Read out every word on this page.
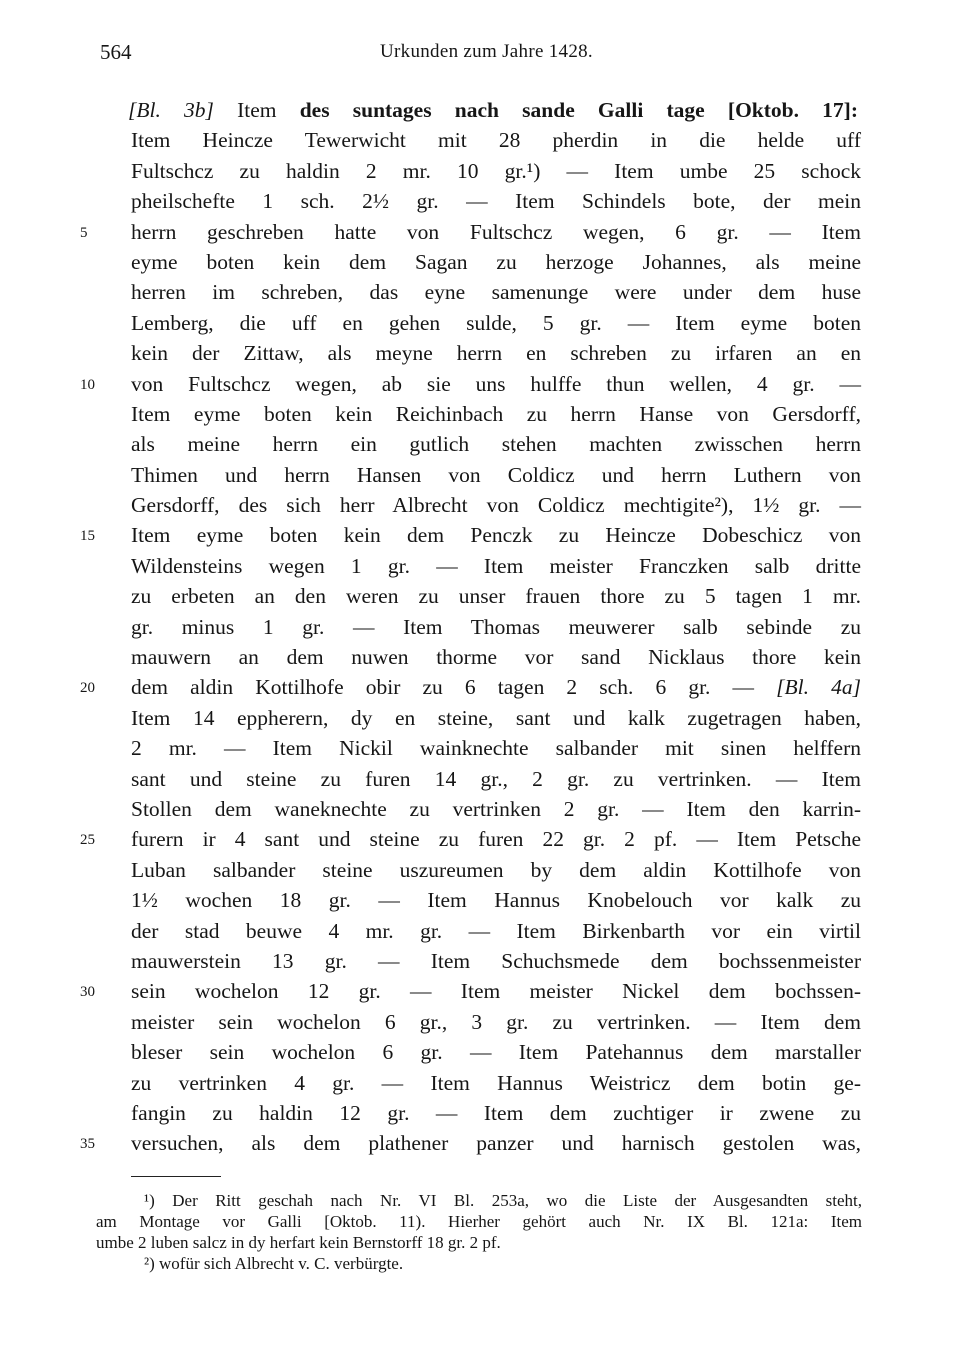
564	Urkunden zum Jahre 1428.
[Bl. 3b] Item des suntages nach sande Galli tage [Oktob. 17]:
Item Heincze Tewerwicht mit 28 pherdin in die helde uff
Fultschcz zu haldin 2 mr. 10 gr.¹) — Item umbe 25 schock
pheilschefte 1 sch. 2½ gr. — Item Schindels bote, der mein
5	herrn geschreben hatte von Fultschcz wegen, 6 gr. — Item
eyme boten kein dem Sagan zu herzoge Johannes, als meine
herren im schreben, das eyne samenunge were under dem huse
Lemberg, die uff en gehen sulde, 5 gr. — Item eyme boten
kein der Zittaw, als meyne herrn en schreben zu irfaren an en
10	von Fultschcz wegen, ab sie uns hulffe thun wellen, 4 gr. —
Item eyme boten kein Reichinbach zu herrn Hanse von Gersdorff,
als meine herrn ein gutlich stehen machten zwisschen herrn
Thimen und herrn Hansen von Coldicz und herrn Luthern von
Gersdorff, des sich herr Albrecht von Coldicz mechtigite²), 1½ gr. —
15	Item eyme boten kein dem Penczk zu Heincze Dobeschicz von
Wildensteins wegen 1 gr. — Item meister Franczken salb dritte
zu erbeten an den weren zu unser frauen thore zu 5 tagen 1 mr.
gr. minus 1 gr. — Item Thomas meuwerer salb sebinde zu
mauwern an dem nuwen thorme vor sand Nicklaus thore kein
20	dem aldin Kottilhofe obir zu 6 tagen 2 sch. 6 gr. — [Bl. 4a]
Item 14 eppherern, dy en steine, sant und kalk zugetragen haben,
2 mr. — Item Nickil wainknechte salbander mit sinen helffern
sant und steine zu furen 14 gr., 2 gr. zu vertrinken. — Item
Stollen dem waneknechte zu vertrinken 2 gr. — Item den karrin-
25	furern ir 4 sant und steine zu furen 22 gr. 2 pf. — Item Petsche
Luban salbander steine uszureumen by dem aldin Kottilhofe von
1½ wochen 18 gr. — Item Hannus Knobelouch vor kalk zu
der stad beuwe 4 mr. gr. — Item Birkenbarth vor ein virtil
mauwerstein 13 gr. — Item Schuchsmede dem bochssenmeister
30	sein wochelon 12 gr. — Item meister Nickel dem bochssen-
meister sein wochelon 6 gr., 3 gr. zu vertrinken. — Item dem
bleser sein wochelon 6 gr. — Item Patehannus dem marstaller
zu vertrinken 4 gr. — Item Hannus Weistricz dem botin ge-
fangin zu haldin 12 gr. — Item dem zuchtiger ir zwene zu
35	versuchen, als dem plathener panzer und harnisch gestolen was,
¹) Der Ritt geschah nach Nr. VI Bl. 253a, wo die Liste der Ausgesandten steht,
am Montage vor Galli [Oktob. 11). Hierher gehört auch Nr. IX Bl. 121a: Item
umbe 2 luben salcz in dy herfart kein Bernstorff 18 gr. 2 pf.
²) wofür sich Albrecht v. C. verbürgte.
